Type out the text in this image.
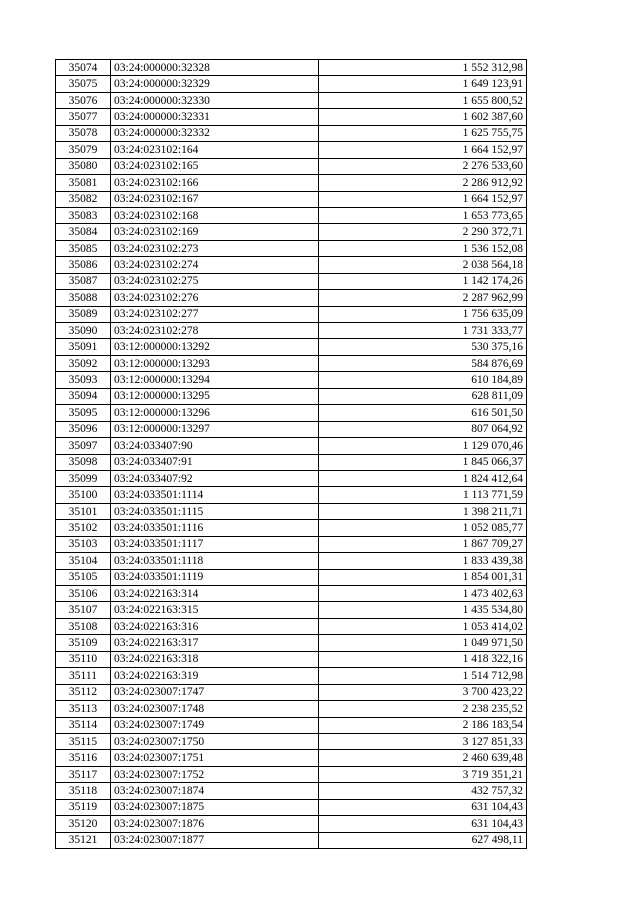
35074	03:24:000000:32328	1 552 312,98
35075	03:24:000000:32329	1 649 123,91
35076	03:24:000000:32330	1 655 800,52
35077	03:24:000000:32331	1 602 387,60
35078	03:24:000000:32332	1 625 755,75
35079	03:24:023102:164	1 664 152,97
35080	03:24:023102:165	2 276 533,60
35081	03:24:023102:166	2 286 912,92
35082	03:24:023102:167	1 664 152,97
35083	03:24:023102:168	1 653 773,65
35084	03:24:023102:169	2 290 372,71
35085	03:24:023102:273	1 536 152,08
35086	03:24:023102:274	2 038 564,18
35087	03:24:023102:275	1 142 174,26
35088	03:24:023102:276	2 287 962,99
35089	03:24:023102:277	1 756 635,09
35090	03:24:023102:278	1 731 333,77
35091	03:12:000000:13292	530 375,16
35092	03:12:000000:13293	584 876,69
35093	03:12:000000:13294	610 184,89
35094	03:12:000000:13295	628 811,09
35095	03:12:000000:13296	616 501,50
35096	03:12:000000:13297	807 064,92
35097	03:24:033407:90	1 129 070,46
35098	03:24:033407:91	1 845 066,37
35099	03:24:033407:92	1 824 412,64
35100	03:24:033501:1114	1 113 771,59
35101	03:24:033501:1115	1 398 211,71
35102	03:24:033501:1116	1 052 085,77
35103	03:24:033501:1117	1 867 709,27
35104	03:24:033501:1118	1 833 439,38
35105	03:24:033501:1119	1 854 001,31
35106	03:24:022163:314	1 473 402,63
35107	03:24:022163:315	1 435 534,80
35108	03:24:022163:316	1 053 414,02
35109	03:24:022163:317	1 049 971,50
35110	03:24:022163:318	1 418 322,16
35111	03:24:022163:319	1 514 712,98
35112	03:24:023007:1747	3 700 423,22
35113	03:24:023007:1748	2 238 235,52
35114	03:24:023007:1749	2 186 183,54
35115	03:24:023007:1750	3 127 851,33
35116	03:24:023007:1751	2 460 639,48
35117	03:24:023007:1752	3 719 351,21
35118	03:24:023007:1874	432 757,32
35119	03:24:023007:1875	631 104,43
35120	03:24:023007:1876	631 104,43
35121	03:24:023007:1877	627 498,11
